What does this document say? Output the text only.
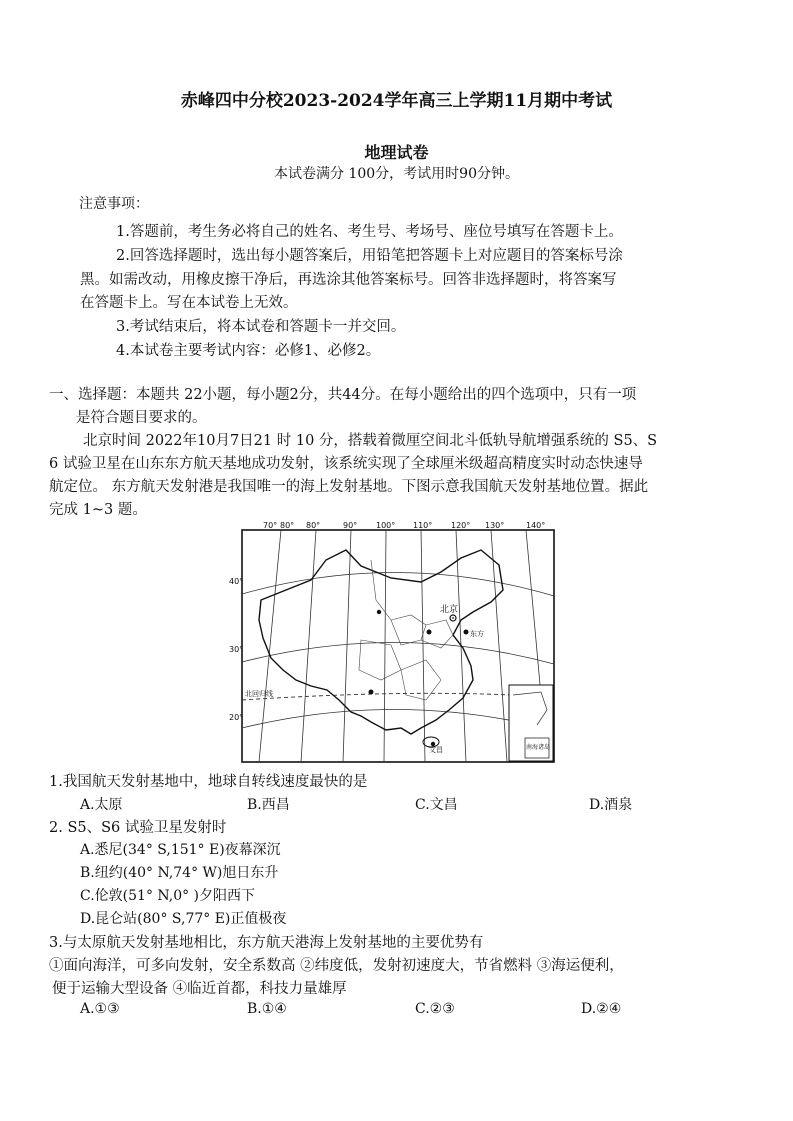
赤峰四中分校2023-2024学年高三上学期11月期中考试
地理试卷
本试卷满分 100分，考试用时90分钟。
注意事项：
1.答题前，考生务必将自己的姓名、考生号、考场号、座位号填写在答题卡上。
2.回答选择题时，选出每小题答案后，用铅笔把答题卡上对应题目的答案标号涂
黑。如需改动，用橡皮擦干净后，再选涂其他答案标号。回答非选择题时，将答案写
在答题卡上。写在本试卷上无效。
3.考试结束后，将本试卷和答题卡一并交回。
4.本试卷主要考试内容：必修1、必修2。
一、选择题：本题共 22小题，每小题2分，共44分。在每小题给出的四个选项中，只有一项
是符合题目要求的。
北京时间 2022年10月7日21 时 10 分，搭载着微厘空间北斗低轨导航增强系统的 S5、S
6 试验卫星在山东东方航天基地成功发射，该系统实现了全球厘米级超高精度实时动态快速导
航定位。 东方航天发射港是我国唯一的海上发射基地。下图示意我国航天发射基地位置。据此
完成 1~3 题。
70° 80° 80°	90° 100° 110° 120° 130°	140°
40°
30°
20°
北回归线
北京
东方
文昌	南海诸岛
1.我国航天发射基地中，地球自转线速度最快的是
A.太原	B.西昌	C.文昌	D.酒泉
2. S5、S6 试验卫星发射时
A.悉尼(34° S,151° E)夜幕深沉
B.纽约(40° N,74° W)旭日东升
C.伦敦(51° N,0° )夕阳西下
D.昆仑站(80° S,77° E)正值极夜
3.与太原航天发射基地相比，东方航天港海上发射基地的主要优势有
①面向海洋，可多向发射，安全系数高 ②纬度低，发射初速度大，节省燃料 ③海运便利，
便于运输大型设备 ④临近首都，科技力量雄厚
A.①③	B.①④	C.②③	D.②④
